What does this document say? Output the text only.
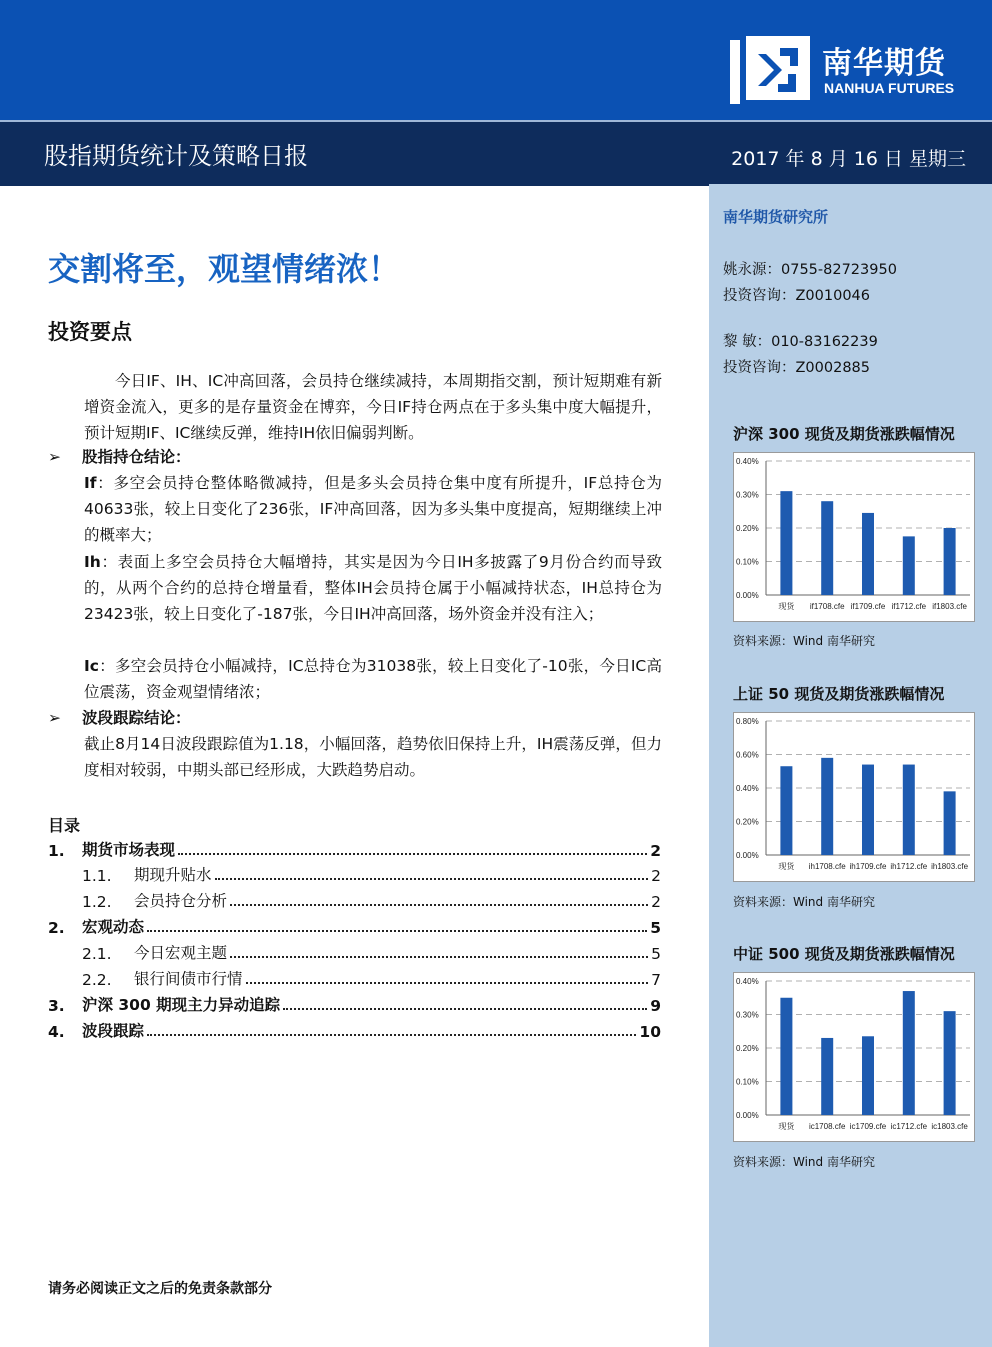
南华期货
NANHUA FUTURES
股指期货统计及策略日报	2017 年 8 月 16 日 星期三
南华期货研究所
姚永源：0755-82723950
投资咨询：Z0010046
黎 敏：010-83162239
投资咨询：Z0002885
沪深 300 现货及期货涨跌幅情况
0.40%
0.30%
0.20%
0.10%
0.00%
现货 if1708.cfe if1709.cfe if1712.cfe if1803.cfe
资料来源：Wind 南华研究
上证 50 现货及期货涨跌幅情况
0.80%
0.60%
0.40%
0.20%
0.00%
现货 ih1708.cfe ih1709.cfe ih1712.cfe ih1803.cfe
资料来源：Wind 南华研究
中证 500 现货及期货涨跌幅情况
0.40%
0.30%
0.20%
0.10%
0.00%
现货 ic1708.cfe ic1709.cfe ic1712.cfe ic1803.cfe
资料来源：Wind 南华研究
交割将至，观望情绪浓！
投资要点

今日IF、IH、IC冲高回落，会员持仓继续减持，本周期指交割，预计短期难有新增资金流入，更多的是存量资金在博弈，今日IF持仓两点在于多头集中度大幅提升，预计短期IF、IC继续反弹，维持IH依旧偏弱判断。

➢ 股指持仓结论：

If：多空会员持仓整体略微减持，但是多头会员持仓集中度有所提升，IF总持仓为40633张，较上日变化了236张，IF冲高回落，因为多头集中度提高，短期继续上冲的概率大；

Ih：表面上多空会员持仓大幅增持，其实是因为今日IH多披露了9月份合约而导致的，从两个合约的总持仓增量看，整体IH会员持仓属于小幅减持状态，IH总持仓为23423张，较上日变化了-187张，今日IH冲高回落，场外资金并没有注入；

Ic：多空会员持仓小幅减持，IC总持仓为31038张，较上日变化了-10张，今日IC高位震荡，资金观望情绪浓；

➢ 波段跟踪结论：

截止8月14日波段跟踪值为1.18，小幅回落，趋势依旧保持上升，IH震荡反弹，但力度相对较弱，中期头部已经形成，大跌趋势启动。

目录
1.	期货市场表现	2
1.1.	期现升贴水	2
1.2.	会员持仓分析	2
2.	宏观动态	5
2.1.	今日宏观主题	5
2.2.	银行间债市行情	7
3.	沪深 300 期现主力异动追踪	9
4.	波段跟踪	10
请务必阅读正文之后的免责条款部分
